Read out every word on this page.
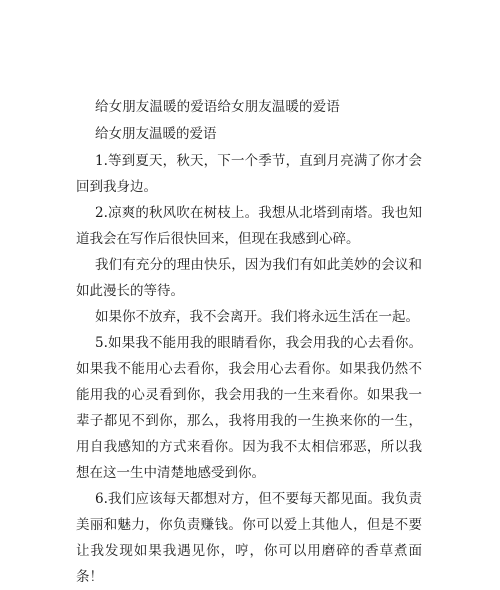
给女朋友温暖的爱语给女朋友温暖的爱语
给女朋友温暖的爱语

1.等到夏天，秋天，下一个季节，直到月亮满了你才会回到我身边。

2.凉爽的秋风吹在树枝上。我想从北塔到南塔。我也知道我会在写作后很快回来，但现在我感到心碎。

我们有充分的理由快乐，因为我们有如此美妙的会议和如此漫长的等待。

如果你不放弃，我不会离开。我们将永远生活在一起。

5.如果我不能用我的眼睛看你，我会用我的心去看你。如果我不能用心去看你，我会用心去看你。如果我仍然不能用我的心灵看到你，我会用我的一生来看你。如果我一辈子都见不到你，那么，我将用我的一生换来你的一生，用自我感知的方式来看你。因为我不太相信邪恶，所以我想在这一生中清楚地感受到你。

6.我们应该每天都想对方，但不要每天都见面。我负责美丽和魅力，你负责赚钱。你可以爱上其他人，但是不要让我发现如果我遇见你，哼，你可以用磨碎的香草煮面条！
